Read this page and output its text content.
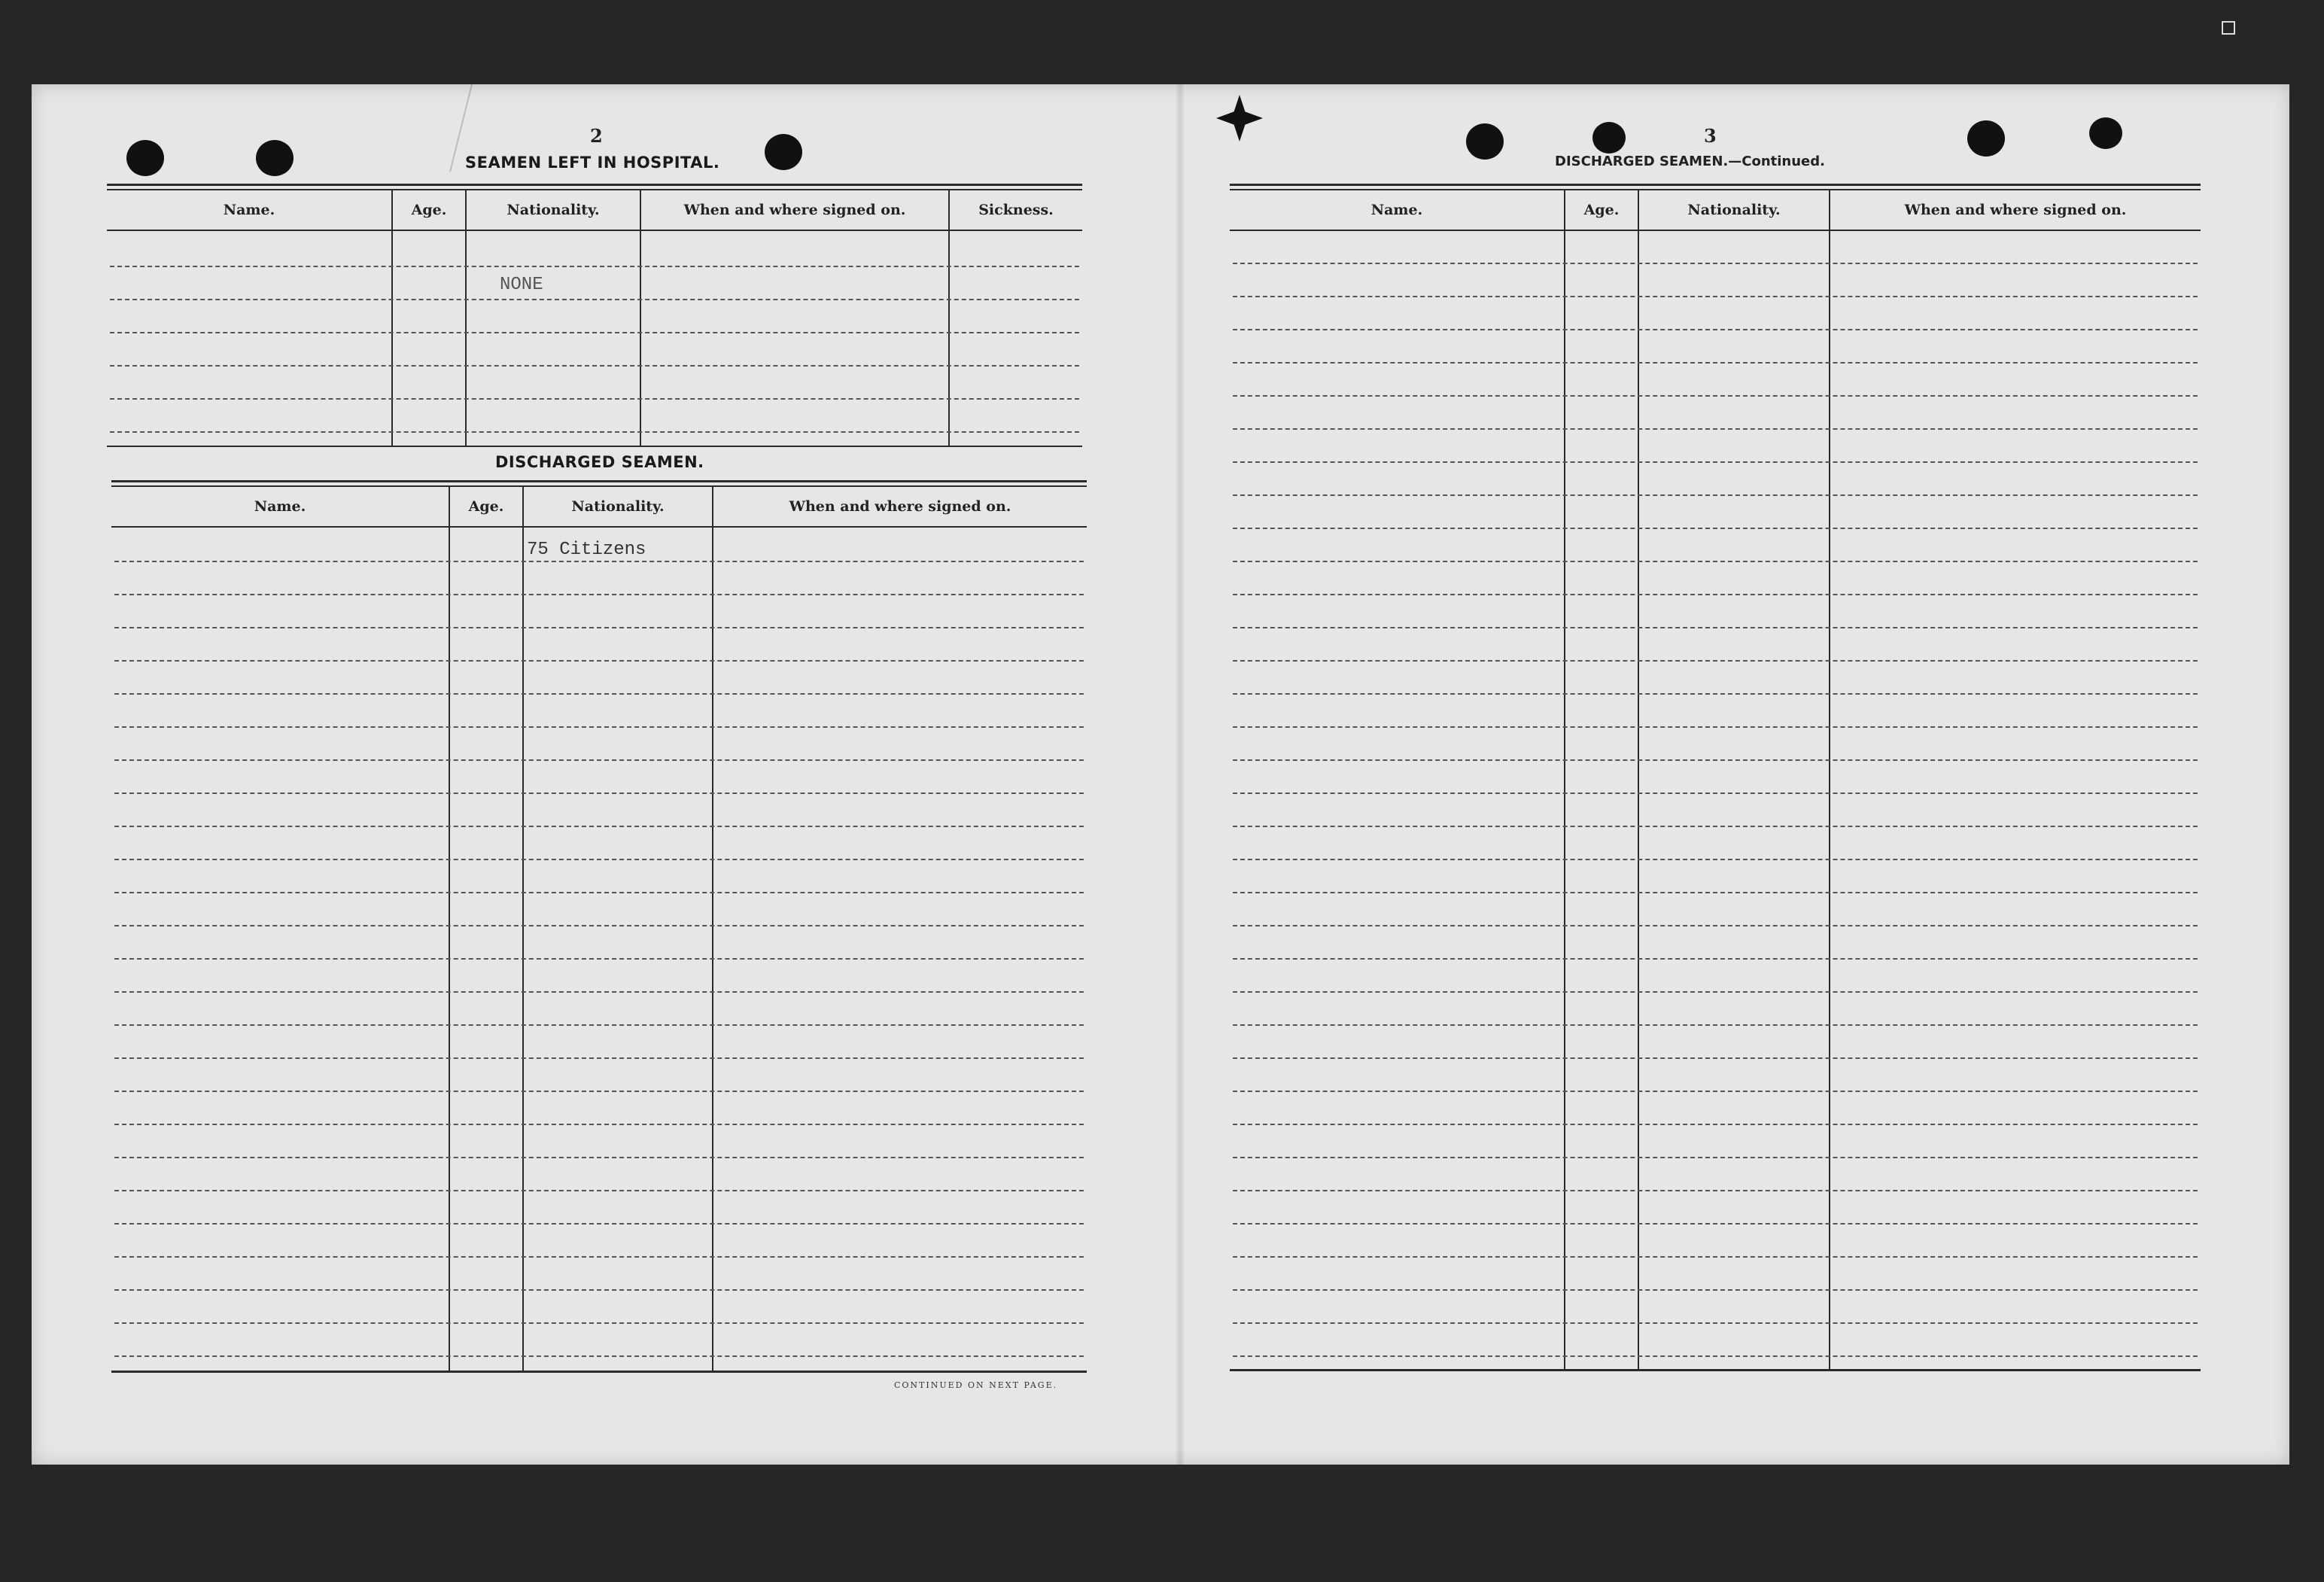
2
SEAMEN LEFT IN HOSPITAL.
Name.	Age.	Nationality.	When and where signed on.	Sickness.
NONE
DISCHARGED SEAMEN.
Name.	Age.	Nationality.	When and where signed on.
75 Citizens
CONTINUED ON NEXT PAGE.
3
DISCHARGED SEAMEN.—Continued.
Name.	Age.	Nationality.	When and where signed on.
